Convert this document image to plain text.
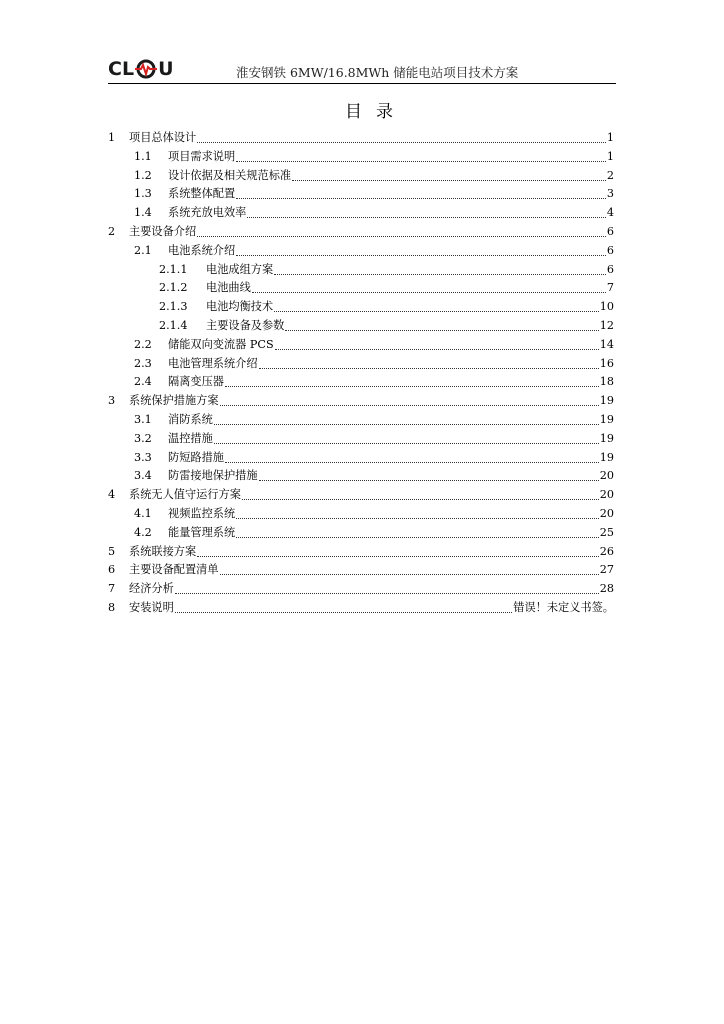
CL U	淮安钢铁 6MW/16.8MWh 储能电站项目技术方案
目录
1	项目总体设计	1
1.1	项目需求说明	1
1.2	设计依据及相关规范标准	2
1.3	系统整体配置	3
1.4	系统充放电效率	4
2	主要设备介绍	6
2.1	电池系统介绍	6
2.1.1	电池成组方案	6
2.1.2	电池曲线	7
2.1.3	电池均衡技术	10
2.1.4	主要设备及参数	12
2.2	储能双向变流器 PCS	14
2.3	电池管理系统介绍	16
2.4	隔离变压器	18
3	系统保护措施方案	19
3.1	消防系统	19
3.2	温控措施	19
3.3	防短路措施	19
3.4	防雷接地保护措施	20
4	系统无人值守运行方案	20
4.1	视频监控系统	20
4.2	能量管理系统	25
5	系统联接方案	26
6	主要设备配置清单	27
7	经济分析	28
8	安装说明	错误！未定义书签。
